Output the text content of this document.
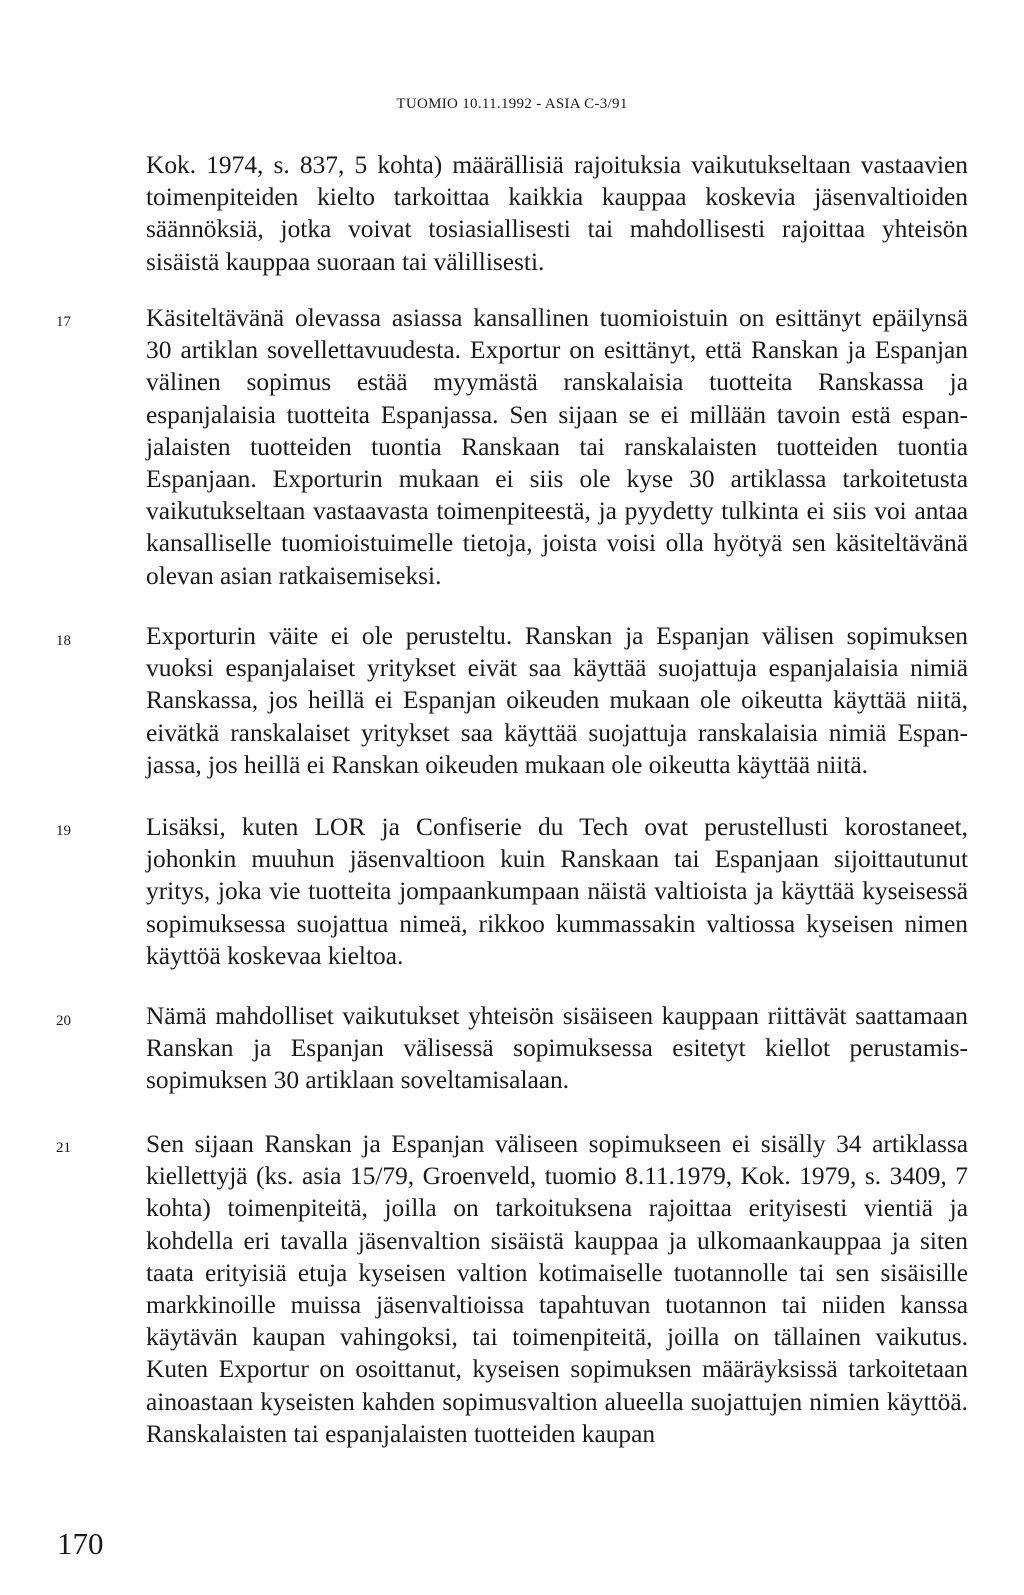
TUOMIO 10.11.1992 - ASIA C-3/91
Kok. 1974, s. 837, 5 kohta) määrällisiä rajoituksia vaikutukseltaan vastaavien toimenpiteiden kielto tarkoittaa kaikkia kauppaa koskevia jäsenvaltioiden säännöksiä, jotka voivat tosiasiallisesti tai mahdollisesti rajoittaa yhteisön sisäistä kauppaa suoraan tai välillisesti.
17	Käsiteltävänä olevassa asiassa kansallinen tuomioistuin on esittänyt epäilynsä 30 artiklan sovellettavuudesta. Exportur on esittänyt, että Ranskan ja Espanjan välinen sopimus estää myymästä ranskalaisia tuotteita Ranskassa ja espanjalaisia tuotteita Espanjassa. Sen sijaan se ei millään tavoin estä espanjalaisten tuotteiden tuontia Ranskaan tai ranskalaisten tuotteiden tuontia Espanjaan. Exporturin mukaan ei siis ole kyse 30 artiklassa tarkoitetusta vaikutukseltaan vastaavasta toimenpiteestä, ja pyydetty tulkinta ei siis voi antaa kansalliselle tuomioistuimelle tietoja, joista voisi olla hyötyä sen käsiteltävänä olevan asian ratkaisemiseksi.
18	Exporturin väite ei ole perusteltu. Ranskan ja Espanjan välisen sopimuksen vuoksi espanjalaiset yritykset eivät saa käyttää suojattuja espanjalaisia nimiä Ranskassa, jos heillä ei Espanjan oikeuden mukaan ole oikeutta käyttää niitä, eivätkä ranskalaiset yritykset saa käyttää suojattuja ranskalaisia nimiä Espanjassa, jos heillä ei Ranskan oikeuden mukaan ole oikeutta käyttää niitä.
19	Lisäksi, kuten LOR ja Confiserie du Tech ovat perustellusti korostaneet, johonkin muuhun jäsenvaltioon kuin Ranskaan tai Espanjaan sijoittautunut yritys, joka vie tuotteita jompaankumpaan näistä valtioista ja käyttää kyseisessä sopimuksessa suojattua nimeä, rikkoo kummassakin valtiossa kyseisen nimen käyttöä koskevaa kieltoa.
20	Nämä mahdolliset vaikutukset yhteisön sisäiseen kauppaan riittävät saattamaan Ranskan ja Espanjan välisessä sopimuksessa esitetyt kiellot perustamissopimuksen 30 artiklaan soveltamisalaan.
21	Sen sijaan Ranskan ja Espanjan väliseen sopimukseen ei sisälly 34 artiklassa kiellettyjä (ks. asia 15/79, Groenveld, tuomio 8.11.1979, Kok. 1979, s. 3409, 7 kohta) toimenpiteitä, joilla on tarkoituksena rajoittaa erityisesti vientiä ja kohdella eri tavalla jäsenvaltion sisäistä kauppaa ja ulkomaankauppaa ja siten taata erityisiä etuja kyseisen valtion kotimaiselle tuotannolle tai sen sisäisille markkinoille muissa jäsenvaltioissa tapahtuvan tuotannon tai niiden kanssa käytävän kaupan vahingoksi, tai toimenpiteitä, joilla on tällainen vaikutus. Kuten Exportur on osoittanut, kyseisen sopimuksen määräyksissä tarkoitetaan ainoastaan kyseisten kahden sopimusvaltion alueella suojattujen nimien käyttöä. Ranskalaisten tai espanjalaisten tuotteiden kaupan
170
